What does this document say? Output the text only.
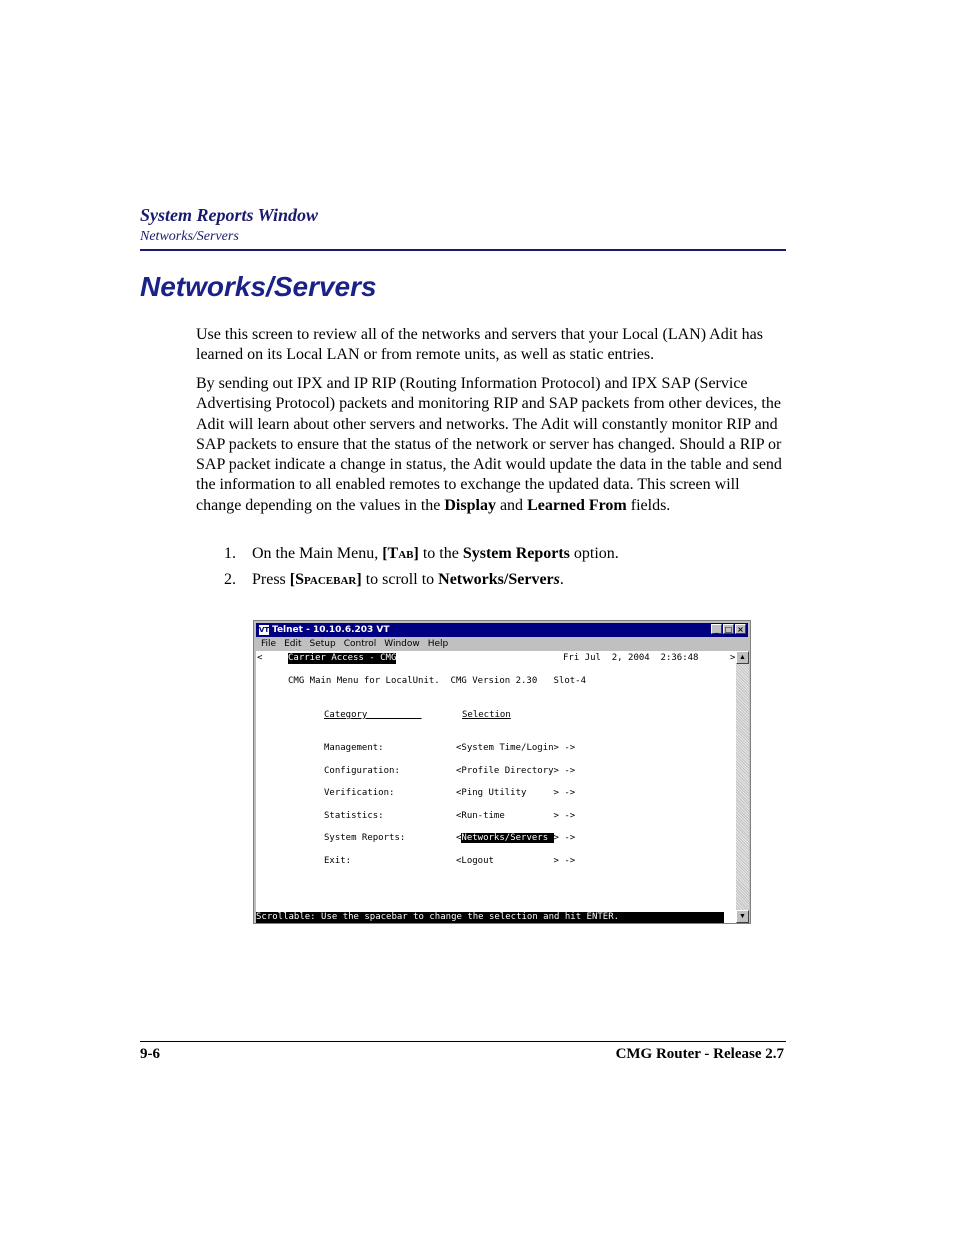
System Reports Window
Networks/Servers
Networks/Servers

Use this screen to review all of the networks and servers that your Local (LAN) Adit has learned on its Local LAN or from remote units, as well as static entries.

By sending out IPX and IP RIP (Routing Information Protocol) and IPX SAP (Service Advertising Protocol) packets and monitoring RIP and SAP packets from other devices, the Adit will learn about other servers and networks. The Adit will constantly monitor RIP and SAP packets to ensure that the status of the network or server has changed. Should a RIP or SAP packet indicate a change in status, the Adit would update the data in the table and send the information to all enabled remotes to exchange the updated data. This screen will change depending on the values in the Display and Learned From fields.

1. On the Main Menu, [Tab] to the System Reports option.
2. Press [Spacebar] to scroll to Networks/Servers.
VT Telnet - 10.10.6.203 VT	_ □ ×
File Edit Setup Control Window Help
<	Carrier Access - CMG	Fri Jul  2, 2004  2:36:48	>
CMG Main Menu for LocalUnit.  CMG Version 2.30   Slot-4
Category	Selection
Management:	<System Time/Login> ->
Configuration:	<Profile Directory> ->
Verification:	<Ping Utility     > ->
Statistics:	<Run-time         > ->
System Reports:	<Networks/Servers > ->
Exit:	<Logout           > ->
Scrollable: Use the spacebar to change the selection and hit ENTER.
▲
▼
9-6	CMG Router - Release 2.7
